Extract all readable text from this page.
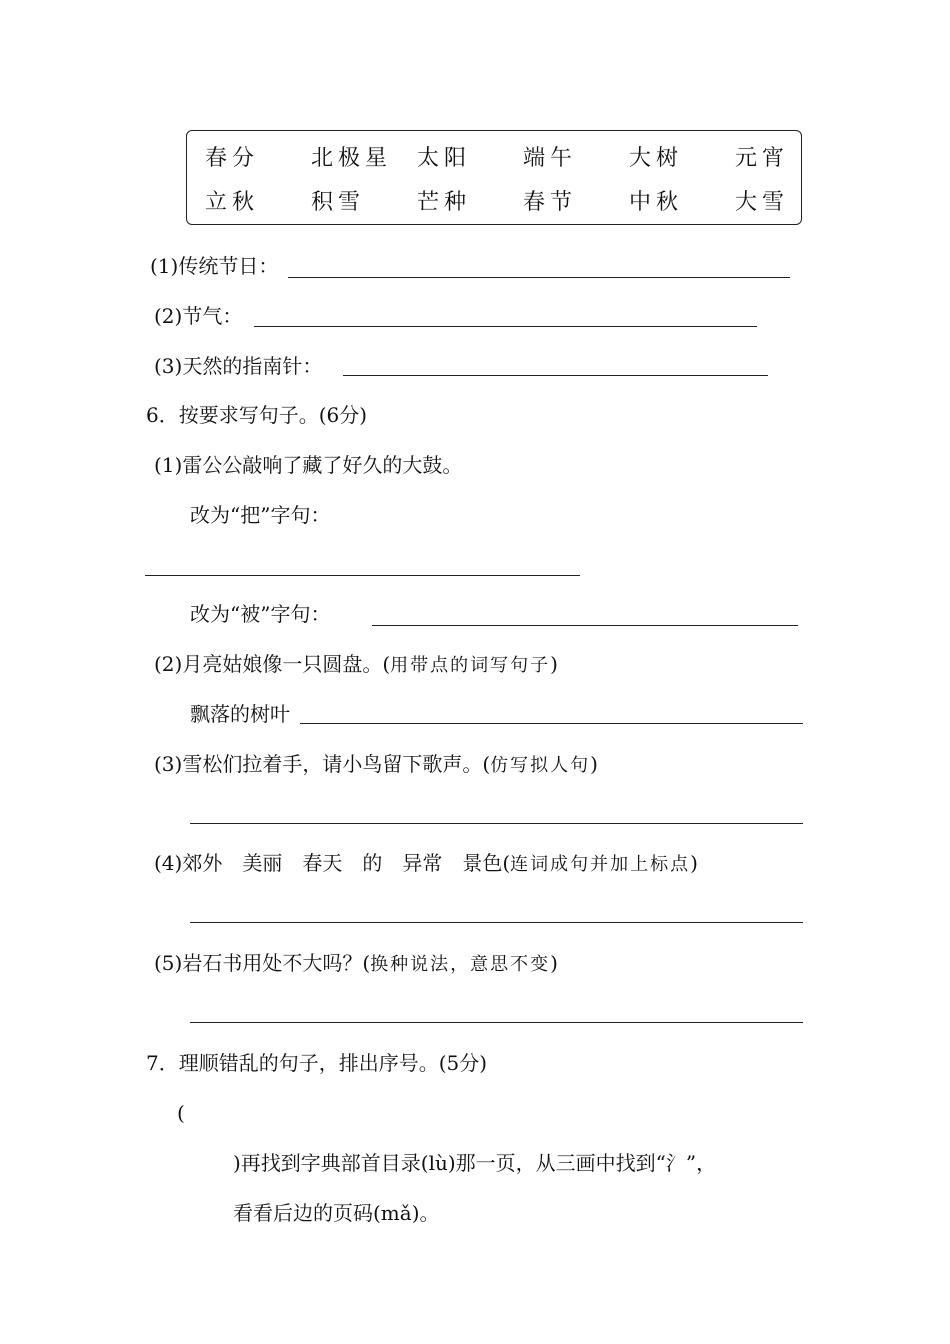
春分 北极星 太阳 端午 大树 元宵
立秋 积雪 芒种 春节 中秋 大雪
(1)传统节日：
(2)节气：
(3)天然的指南针：
6．按要求写句子。(6分)
(1)雷公公敲响了藏了好久的大鼓。
改为“把”字句：
改为“被”字句：
(2)月亮姑娘像一只圆盘。(用带点的词写句子)
飘落的树叶
(3)雪松们拉着手，请小鸟留下歌声。(仿写拟人句)
(4)郊外　美丽　春天　的　异常　景色(连词成句并加上标点)
(5)岩石书用处不大吗？(换种说法，意思不变)
7．理顺错乱的句子，排出序号。(5分)
(
)再找到字典部首目录(lù)那一页，从三画中找到“氵”，
看看后边的页码(mǎ)。
